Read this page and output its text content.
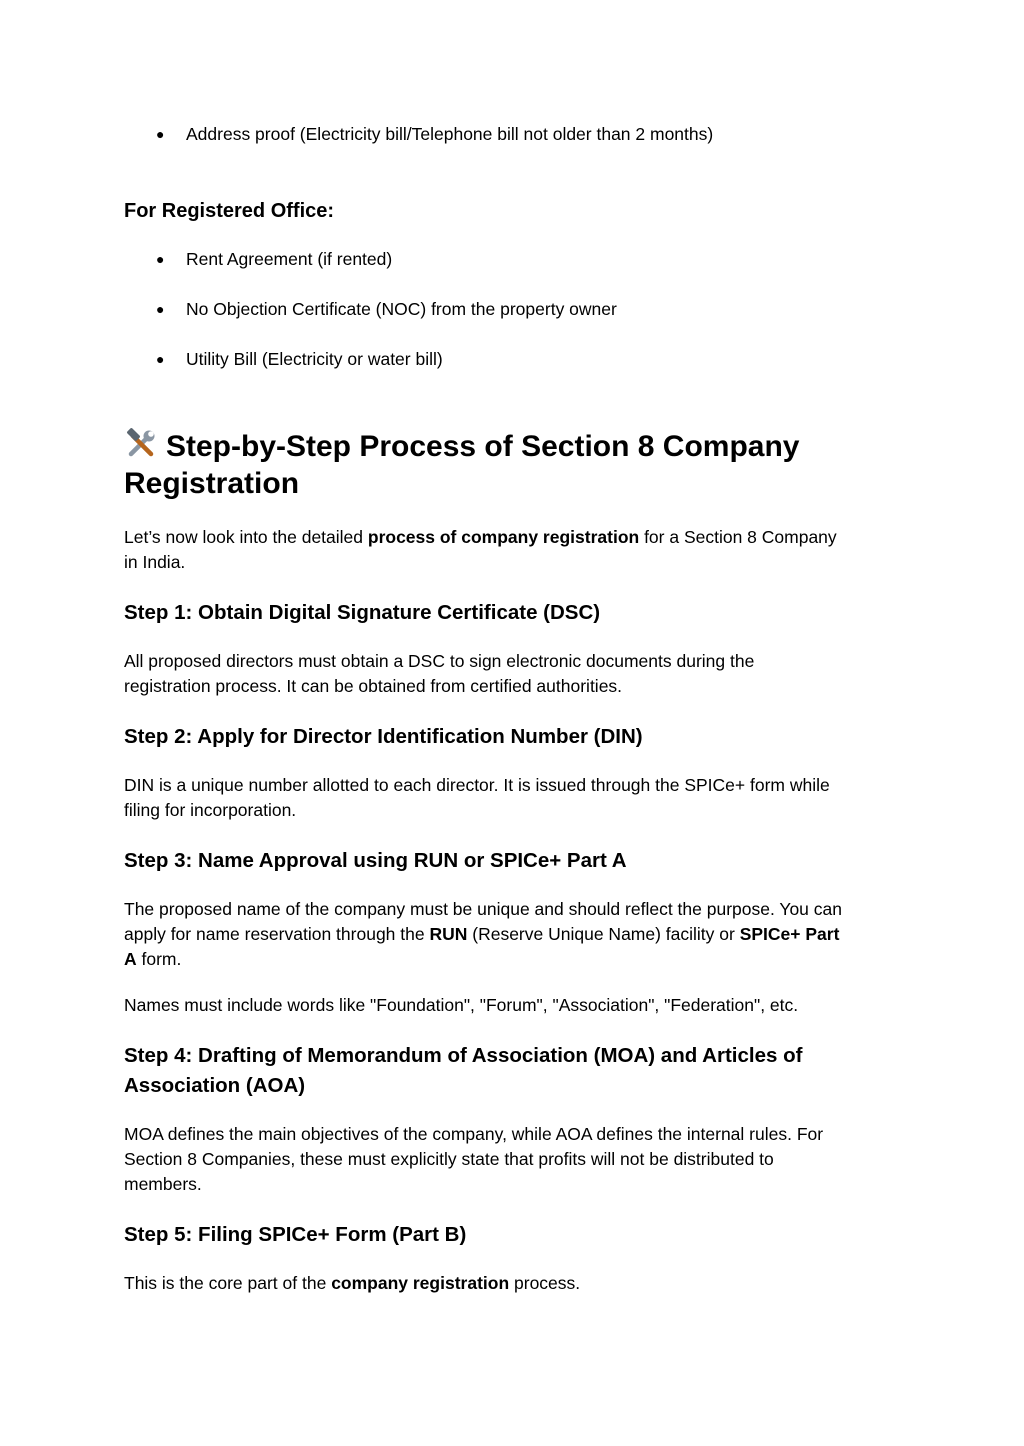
● Address proof (Electricity bill/Telephone bill not older than 2 months)
For Registered Office:
● Rent Agreement (if rented)
● No Objection Certificate (NOC) from the property owner
● Utility Bill (Electricity or water bill)
Step-by-Step Process of Section 8 Company
Registration
Let’s now look into the detailed process of company registration for a Section 8 Company
in India.
Step 1: Obtain Digital Signature Certificate (DSC)
All proposed directors must obtain a DSC to sign electronic documents during the
registration process. It can be obtained from certified authorities.
Step 2: Apply for Director Identification Number (DIN)
DIN is a unique number allotted to each director. It is issued through the SPICe+ form while
filing for incorporation.
Step 3: Name Approval using RUN or SPICe+ Part A
The proposed name of the company must be unique and should reflect the purpose. You can
apply for name reservation through the RUN (Reserve Unique Name) facility or SPICe+ Part
A form.
Names must include words like "Foundation", "Forum", "Association", "Federation", etc.
Step 4: Drafting of Memorandum of Association (MOA) and Articles of
Association (AOA)
MOA defines the main objectives of the company, while AOA defines the internal rules. For
Section 8 Companies, these must explicitly state that profits will not be distributed to
members.
Step 5: Filing SPICe+ Form (Part B)
This is the core part of the company registration process.
